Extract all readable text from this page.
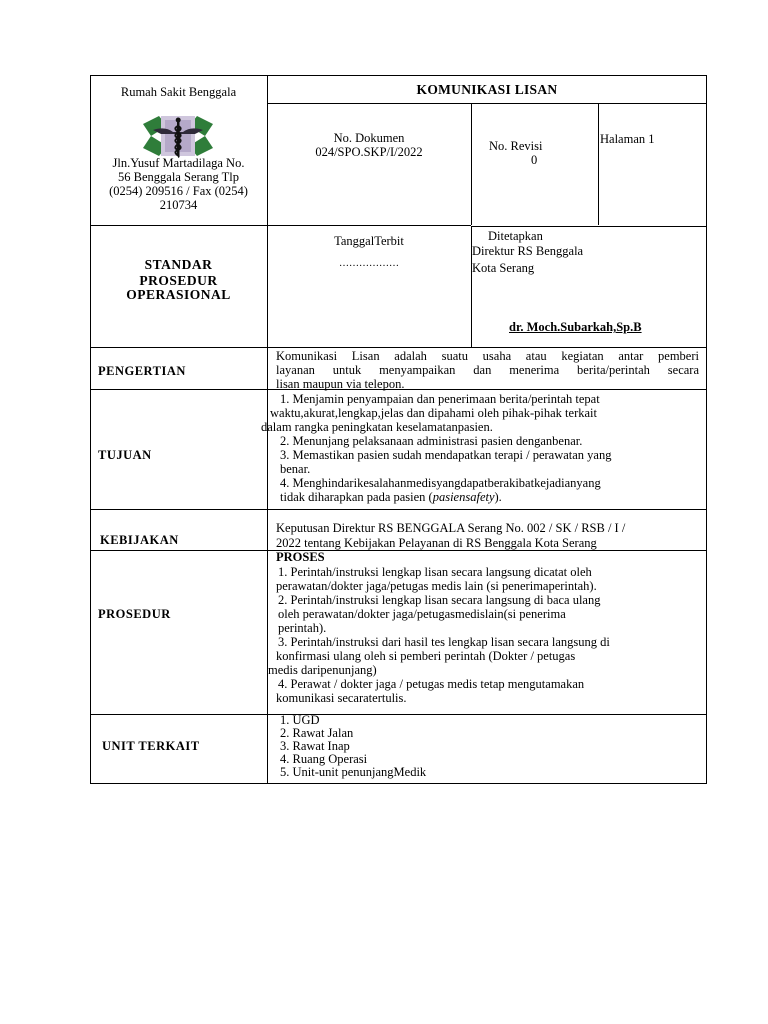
Rumah Sakit Benggala
Jln.Yusuf Martadilaga No.
56 Benggala Serang Tlp
(0254) 209516 / Fax (0254)
210734
KOMUNIKASI LISAN
No. Dokumen
024/SPO.SKP/I/2022	No. Revisi
0
Halaman 1
STANDAR
PROSEDUR
OPERASIONAL
TanggalTerbit
………………
Ditetapkan
Direktur RS Benggala
Kota Serang
dr. Moch.Subarkah,Sp.B
PENGERTIAN
Komunikasi Lisan adalah suatu usaha atau kegiatan antar pemberi
layanan untuk menyampaikan dan menerima berita/perintah secara
lisan maupun via telepon.
TUJUAN
1. Menjamin penyampaian dan penerimaan berita/perintah tepat
waktu,akurat,lengkap,jelas dan dipahami oleh pihak-pihak terkait
dalam rangka peningkatan keselamatanpasien.
2. Menunjang pelaksanaan administrasi pasien denganbenar.
3. Memastikan pasien sudah mendapatkan terapi / perawatan yang
benar.
4. Menghindarikesalahanmedisyangdapatberakibatkejadianyang
tidak diharapkan pada pasien (pasiensafety).
KEBIJAKAN
Keputusan Direktur RS BENGGALA Serang No. 002 / SK / RSB / I /
2022 tentang Kebijakan Pelayanan di RS Benggala Kota Serang
PROSEDUR
PROSES
1. Perintah/instruksi lengkap lisan secara langsung dicatat oleh
perawatan/dokter jaga/petugas medis lain (si penerimaperintah).
2. Perintah/instruksi lengkap lisan secara langsung di baca ulang
oleh perawatan/dokter jaga/petugasmedislain(si penerima
perintah).
3. Perintah/instruksi dari hasil tes lengkap lisan secara langsung di
konfirmasi ulang oleh si pemberi perintah (Dokter / petugas
medis daripenunjang)
4. Perawat / dokter jaga / petugas medis tetap mengutamakan
komunikasi secaratertulis.
UNIT TERKAIT
1. UGD
2. Rawat Jalan
3. Rawat Inap
4. Ruang Operasi
5. Unit-unit penunjangMedik
